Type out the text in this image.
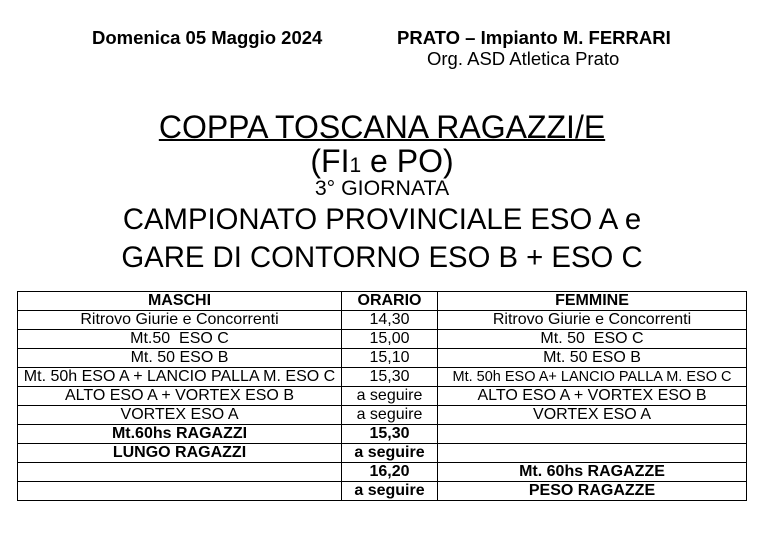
Domenica 05 Maggio 2024	PRATO – Impianto M. FERRARI
Org. ASD Atletica Prato
COPPA TOSCANA RAGAZZI/E
(FI1 e PO)
3° GIORNATA
CAMPIONATO PROVINCIALE ESO A e
GARE DI CONTORNO ESO B + ESO C
MASCHI	ORARIO	FEMMINE
Ritrovo Giurie e Concorrenti	14,30	Ritrovo Giurie e Concorrenti
Mt.50  ESO C	15,00	Mt. 50  ESO C
Mt. 50 ESO B	15,10	Mt. 50 ESO B
Mt. 50h ESO A + LANCIO PALLA M. ESO C	15,30	Mt. 50h ESO A+ LANCIO PALLA M. ESO C
ALTO ESO A + VORTEX ESO B	a seguire	ALTO ESO A + VORTEX ESO B
VORTEX ESO A	a seguire	VORTEX ESO A
Mt.60hs RAGAZZI	15,30	
LUNGO RAGAZZI	a seguire	
	16,20	Mt. 60hs RAGAZZE
	a seguire	PESO RAGAZZE
